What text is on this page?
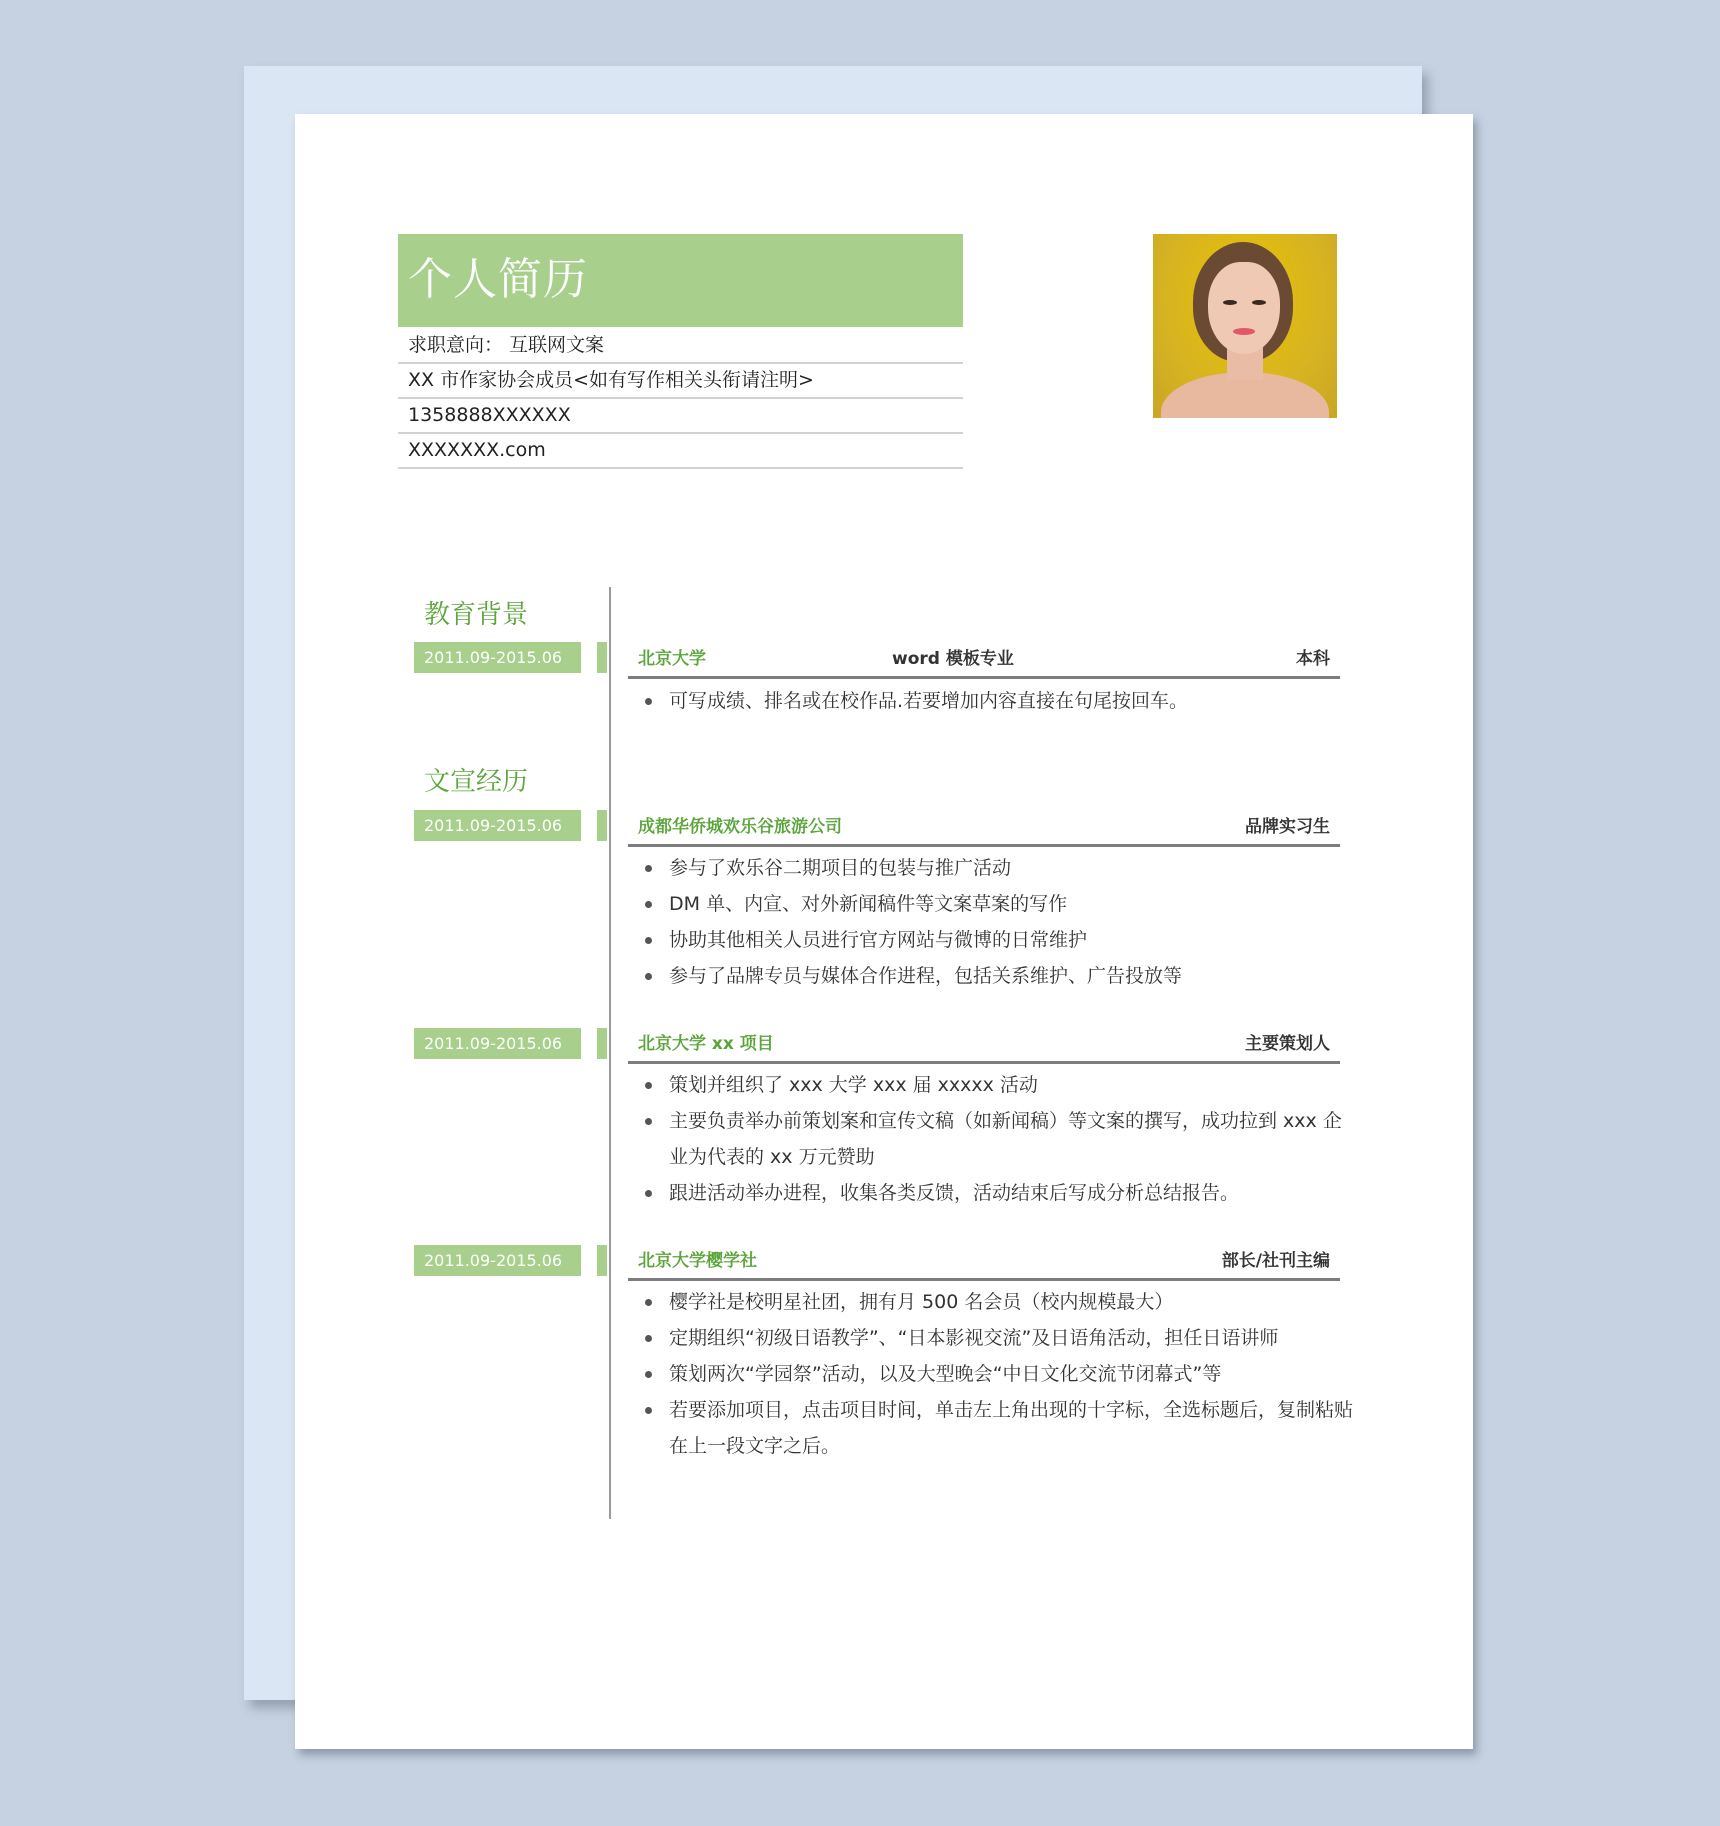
个人简历
求职意向： 互联网文案
XX 市作家协会成员<如有写作相关头衔请注明>
1358888XXXXXX
XXXXXXX.com
教育背景
2011.09-2015.06	北京大学	word 模板专业	本科
可写成绩、排名或在校作品.若要增加内容直接在句尾按回车。
文宣经历
2011.09-2015.06	成都华侨城欢乐谷旅游公司	品牌实习生
参与了欢乐谷二期项目的包装与推广活动
DM 单、内宣、对外新闻稿件等文案草案的写作
协助其他相关人员进行官方网站与微博的日常维护
参与了品牌专员与媒体合作进程，包括关系维护、广告投放等
2011.09-2015.06	北京大学 xx 项目	主要策划人
策划并组织了 xxx 大学 xxx 届 xxxxx 活动
主要负责举办前策划案和宣传文稿（如新闻稿）等文案的撰写，成功拉到 xxx 企业为代表的 xx 万元赞助
跟进活动举办进程，收集各类反馈，活动结束后写成分析总结报告。
2011.09-2015.06	北京大学樱学社	部长/社刊主编
樱学社是校明星社团，拥有月 500 名会员（校内规模最大）
定期组织“初级日语教学”、“日本影视交流”及日语角活动，担任日语讲师
策划两次“学园祭”活动，以及大型晚会“中日文化交流节闭幕式”等
若要添加项目，点击项目时间，单击左上角出现的十字标，全选标题后，复制粘贴在上一段文字之后。
